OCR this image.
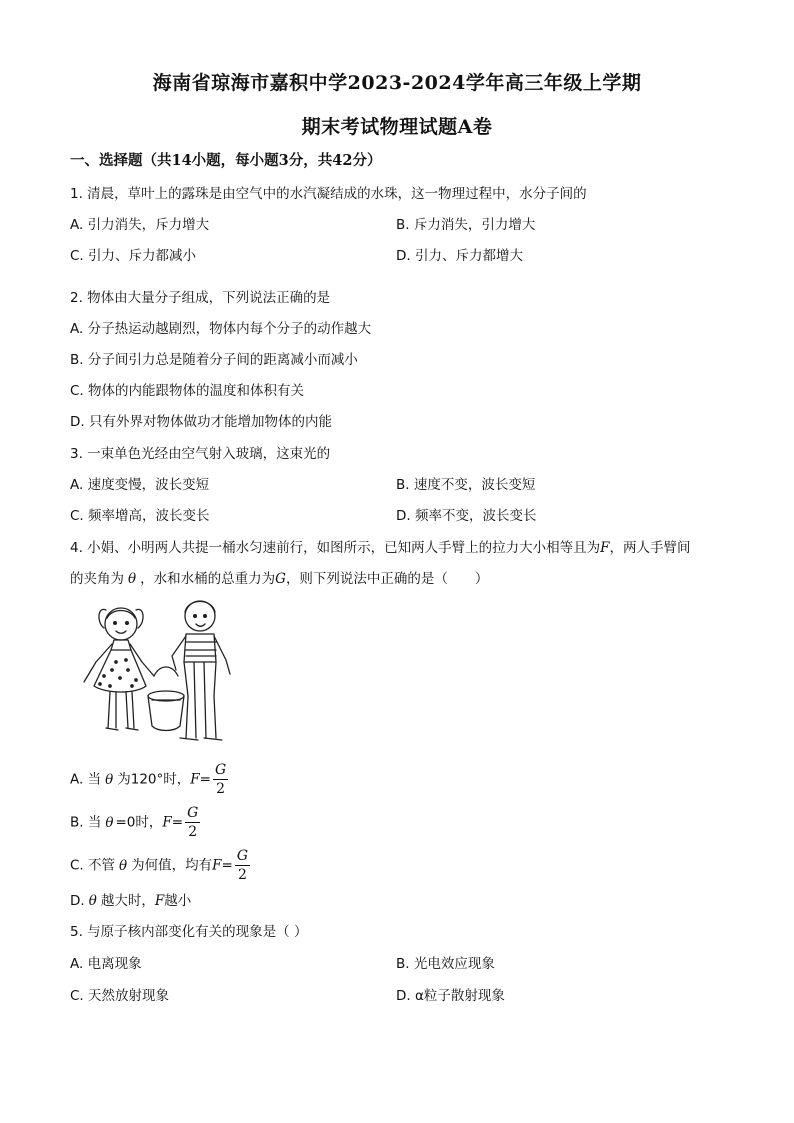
海南省琼海市嘉积中学2023-2024学年高三年级上学期
期末考试物理试题A卷
一、选择题（共14小题，每小题3分，共42分）
1. 清晨，草叶上的露珠是由空气中的水汽凝结成的水珠，这一物理过程中，水分子间的
A. 引力消失，斥力增大	B. 斥力消失，引力增大
C. 引力、斥力都减小	D. 引力、斥力都增大
2. 物体由大量分子组成，下列说法正确的是
A. 分子热运动越剧烈，物体内每个分子的动作越大
B. 分子间引力总是随着分子间的距离减小而减小
C. 物体的内能跟物体的温度和体积有关
D. 只有外界对物体做功才能增加物体的内能
3. 一束单色光经由空气射入玻璃，这束光的
A. 速度变慢，波长变短	B. 速度不变，波长变短
C. 频率增高，波长变长	D. 频率不变，波长变长
4. 小娟、小明两人共提一桶水匀速前行，如图所示，已知两人手臂上的拉力大小相等且为F，两人手臂间
的夹角为 θ ，水和水桶的总重力为G，则下列说法中正确的是（　　）
A. 当 θ 为120°时，$F= \frac{G}{2}$
B. 当 θ =0时，$F= \frac{G}{2}$
C. 不管 θ 为何值，均有$F= \frac{G}{2}$
D. θ 越大时，F越小
5. 与原子核内部变化有关的现象是（ ）
A. 电离现象	B. 光电效应现象
C. 天然放射现象	D. α粒子散射现象
